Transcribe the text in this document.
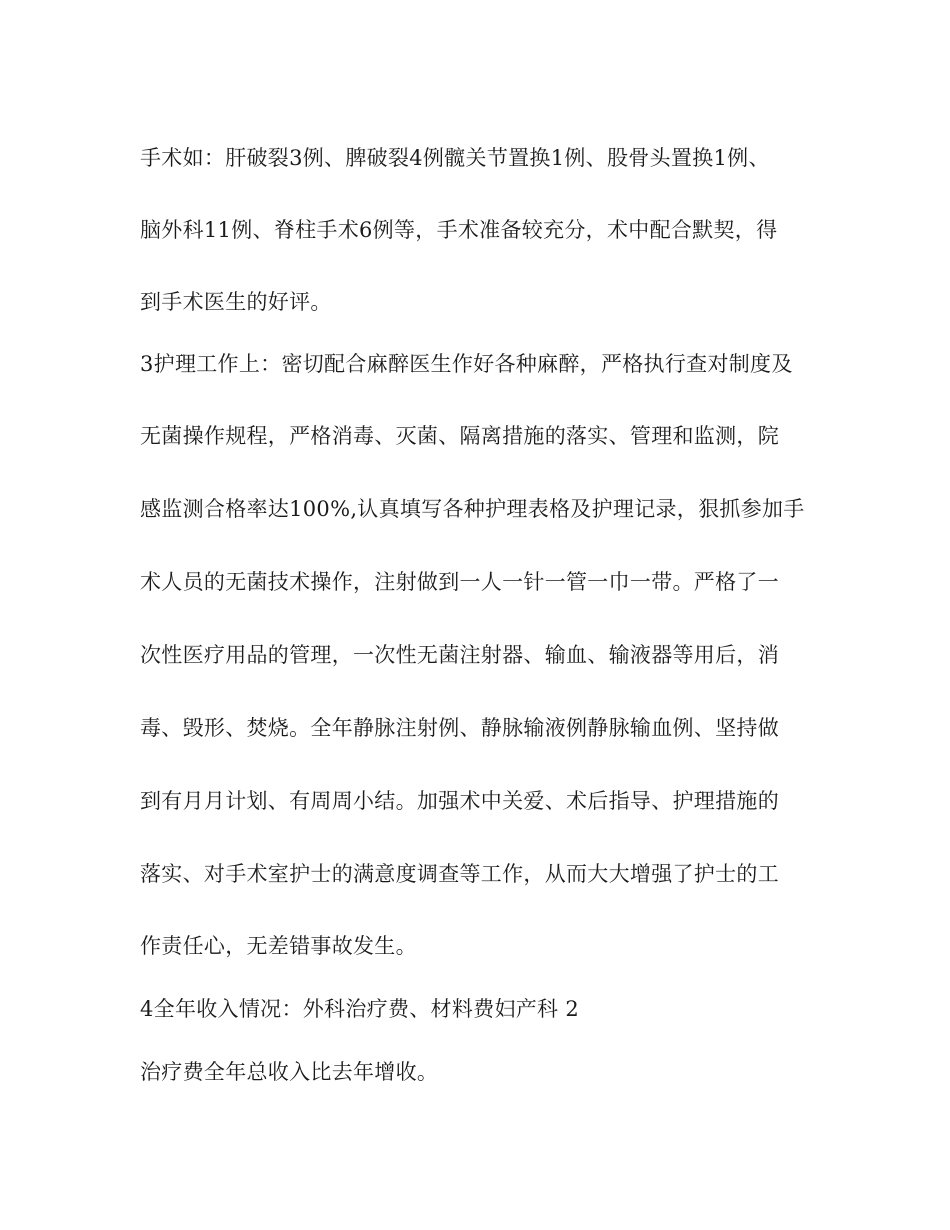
手术如：肝破裂3例、脾破裂4例髋关节置换1例、股骨头置换1例、
脑外科11例、脊柱手术6例等，手术准备较充分，术中配合默契，得
到手术医生的好评。
3护理工作上：密切配合麻醉医生作好各种麻醉，严格执行查对制度及
无菌操作规程，严格消毒、灭菌、隔离措施的落实、管理和监测，院
感监测合格率达100%,认真填写各种护理表格及护理记录，狠抓参加手
术人员的无菌技术操作，注射做到一人一针一管一巾一带。严格了一
次性医疗用品的管理，一次性无菌注射器、输血、输液器等用后，消
毒、毁形、焚烧。全年静脉注射例、静脉输液例静脉输血例、坚持做
到有月月计划、有周周小结。加强术中关爱、术后指导、护理措施的
落实、对手术室护士的满意度调查等工作，从而大大增强了护士的工
作责任心，无差错事故发生。
4全年收入情况：外科治疗费、材料费妇产科 2
治疗费全年总收入比去年增收。
